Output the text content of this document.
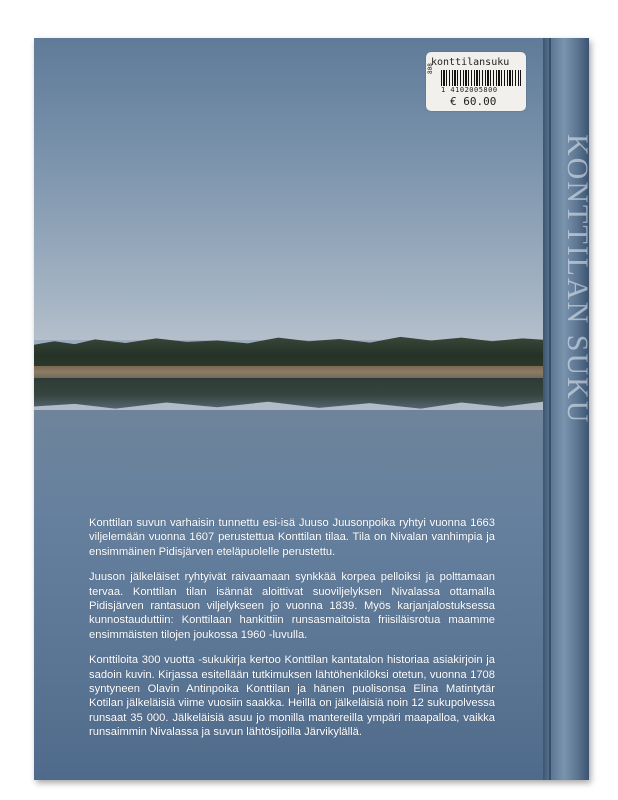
Konttilan suvun varhaisin tunnettu esi-isä Juuso Juusonpoika ryhtyi vuonna 1663 viljelemään vuonna 1607 perustettua Konttilan tilaa. Tila on Nivalan vanhimpia ja ensimmäinen Pidisjärven eteläpuolelle perustettu.

Juuson jälkeläiset ryhtyivät raivaamaan synkkää korpea pelloiksi ja polttamaan tervaa. Konttilan tilan isännät aloittivat suoviljelyksen Nivalassa ottamalla Pidisjärven rantasuon viljelykseen jo vuonna 1839. Myös karjanjalostuksessa kunnostauduttiin: Konttilaan hankittiin runsasmaitoista friisiläisrotua maamme ensimmäisten tilojen joukossa 1960 -luvulla.

Konttiloita 300 vuotta -sukukirja kertoo Konttilan kantatalon historiaa asiakirjoin ja sadoin kuvin. Kirjassa esitellään tutkimuksen lähtöhenkilöksi otetun, vuonna 1708 syntyneen Olavin Antinpoika Konttilan ja hänen puolisonsa Elina Matintytär Kotilan jälkeläisiä viime vuosiin saakka. Heillä on jälkeläisiä noin 12 sukupolvessa runsaat 35 000. Jälkeläisiä asuu jo monilla mantereilla ympäri maapalloa, vaikka runsaimmin Nivalassa ja suvun lähtösijoilla Järvikylällä.

KONTTILAN SUKU
konttilansuku
808
1 4102005800
€ 60.00
